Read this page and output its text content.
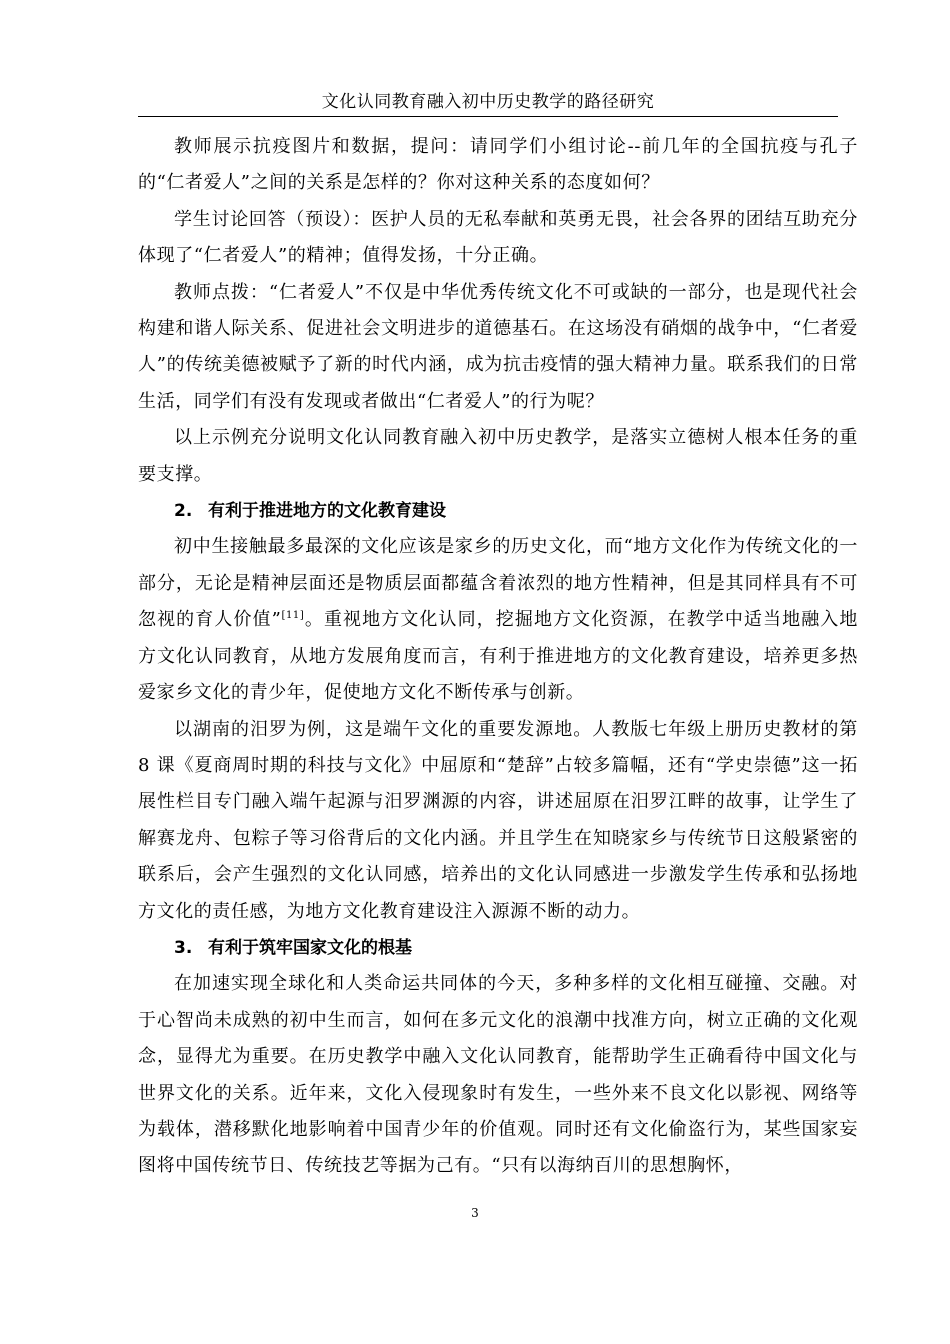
文化认同教育融入初中历史教学的路径研究

教师展示抗疫图片和数据，提问：请同学们小组讨论--前几年的全国抗疫与孔子的“仁者爱人”之间的关系是怎样的？你对这种关系的态度如何？

学生讨论回答（预设）：医护人员的无私奉献和英勇无畏，社会各界的团结互助充分体现了“仁者爱人”的精神；值得发扬，十分正确。

教师点拨：“仁者爱人”不仅是中华优秀传统文化不可或缺的一部分，也是现代社会构建和谐人际关系、促进社会文明进步的道德基石。在这场没有硝烟的战争中，“仁者爱人”的传统美德被赋予了新的时代内涵，成为抗击疫情的强大精神力量。联系我们的日常生活，同学们有没有发现或者做出“仁者爱人”的行为呢？

以上示例充分说明文化认同教育融入初中历史教学，是落实立德树人根本任务的重要支撑。

2. 有利于推进地方的文化教育建设

初中生接触最多最深的文化应该是家乡的历史文化，而“地方文化作为传统文化的一部分，无论是精神层面还是物质层面都蕴含着浓烈的地方性精神，但是其同样具有不可忽视的育人价值”[11]。重视地方文化认同，挖掘地方文化资源，在教学中适当地融入地方文化认同教育，从地方发展角度而言，有利于推进地方的文化教育建设，培养更多热爱家乡文化的青少年，促使地方文化不断传承与创新。

以湖南的汨罗为例，这是端午文化的重要发源地。人教版七年级上册历史教材的第 8 课《夏商周时期的科技与文化》中屈原和“楚辞”占较多篇幅，还有“学史崇德”这一拓展性栏目专门融入端午起源与汨罗渊源的内容，讲述屈原在汨罗江畔的故事，让学生了解赛龙舟、包粽子等习俗背后的文化内涵。并且学生在知晓家乡与传统节日这般紧密的联系后，会产生强烈的文化认同感，培养出的文化认同感进一步激发学生传承和弘扬地方文化的责任感，为地方文化教育建设注入源源不断的动力。

3. 有利于筑牢国家文化的根基

在加速实现全球化和人类命运共同体的今天，多种多样的文化相互碰撞、交融。对于心智尚未成熟的初中生而言，如何在多元文化的浪潮中找准方向，树立正确的文化观念，显得尤为重要。在历史教学中融入文化认同教育，能帮助学生正确看待中国文化与世界文化的关系。近年来，文化入侵现象时有发生，一些外来不良文化以影视、网络等为载体，潜移默化地影响着中国青少年的价值观。同时还有文化偷盗行为，某些国家妄图将中国传统节日、传统技艺等据为己有。“只有以海纳百川的思想胸怀，

3
